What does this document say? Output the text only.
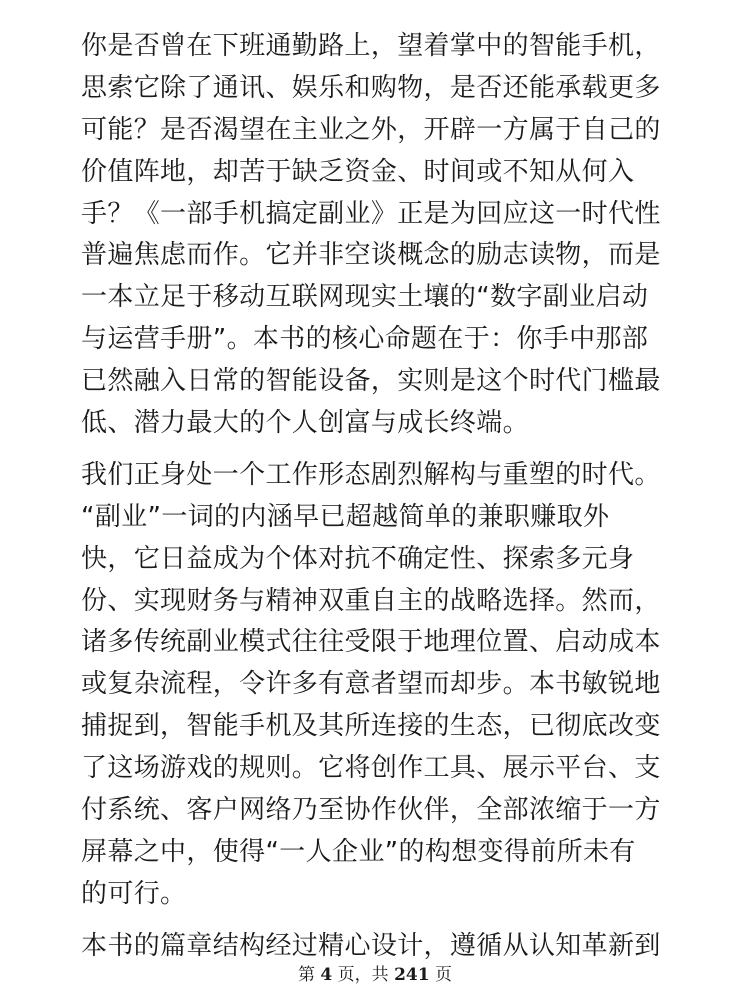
你是否曾在下班通勤路上，望着掌中的智能手机，
思索它除了通讯、娱乐和购物，是否还能承载更多
可能？是否渴望在主业之外，开辟一方属于自己的
价值阵地，却苦于缺乏资金、时间或不知从何入
手？《一部手机搞定副业》正是为回应这一时代性
普遍焦虑而作。它并非空谈概念的励志读物，而是
一本立足于移动互联网现实土壤的“数字副业启动
与运营手册”。本书的核心命题在于：你手中那部
已然融入日常的智能设备，实则是这个时代门槛最
低、潜力最大的个人创富与成长终端。

我们正身处一个工作形态剧烈解构与重塑的时代。
“副业”一词的内涵早已超越简单的兼职赚取外
快，它日益成为个体对抗不确定性、探索多元身
份、实现财务与精神双重自主的战略选择。然而，
诸多传统副业模式往往受限于地理位置、启动成本
或复杂流程，令许多有意者望而却步。本书敏锐地
捕捉到，智能手机及其所连接的生态，已彻底改变
了这场游戏的规则。它将创作工具、展示平台、支
付系统、客户网络乃至协作伙伴，全部浓缩于一方
屏幕之中，使得“一人企业”的构想变得前所未有
的可行。

本书的篇章结构经过精心设计，遵循从认知革新到

第 4 页，共 241 页
